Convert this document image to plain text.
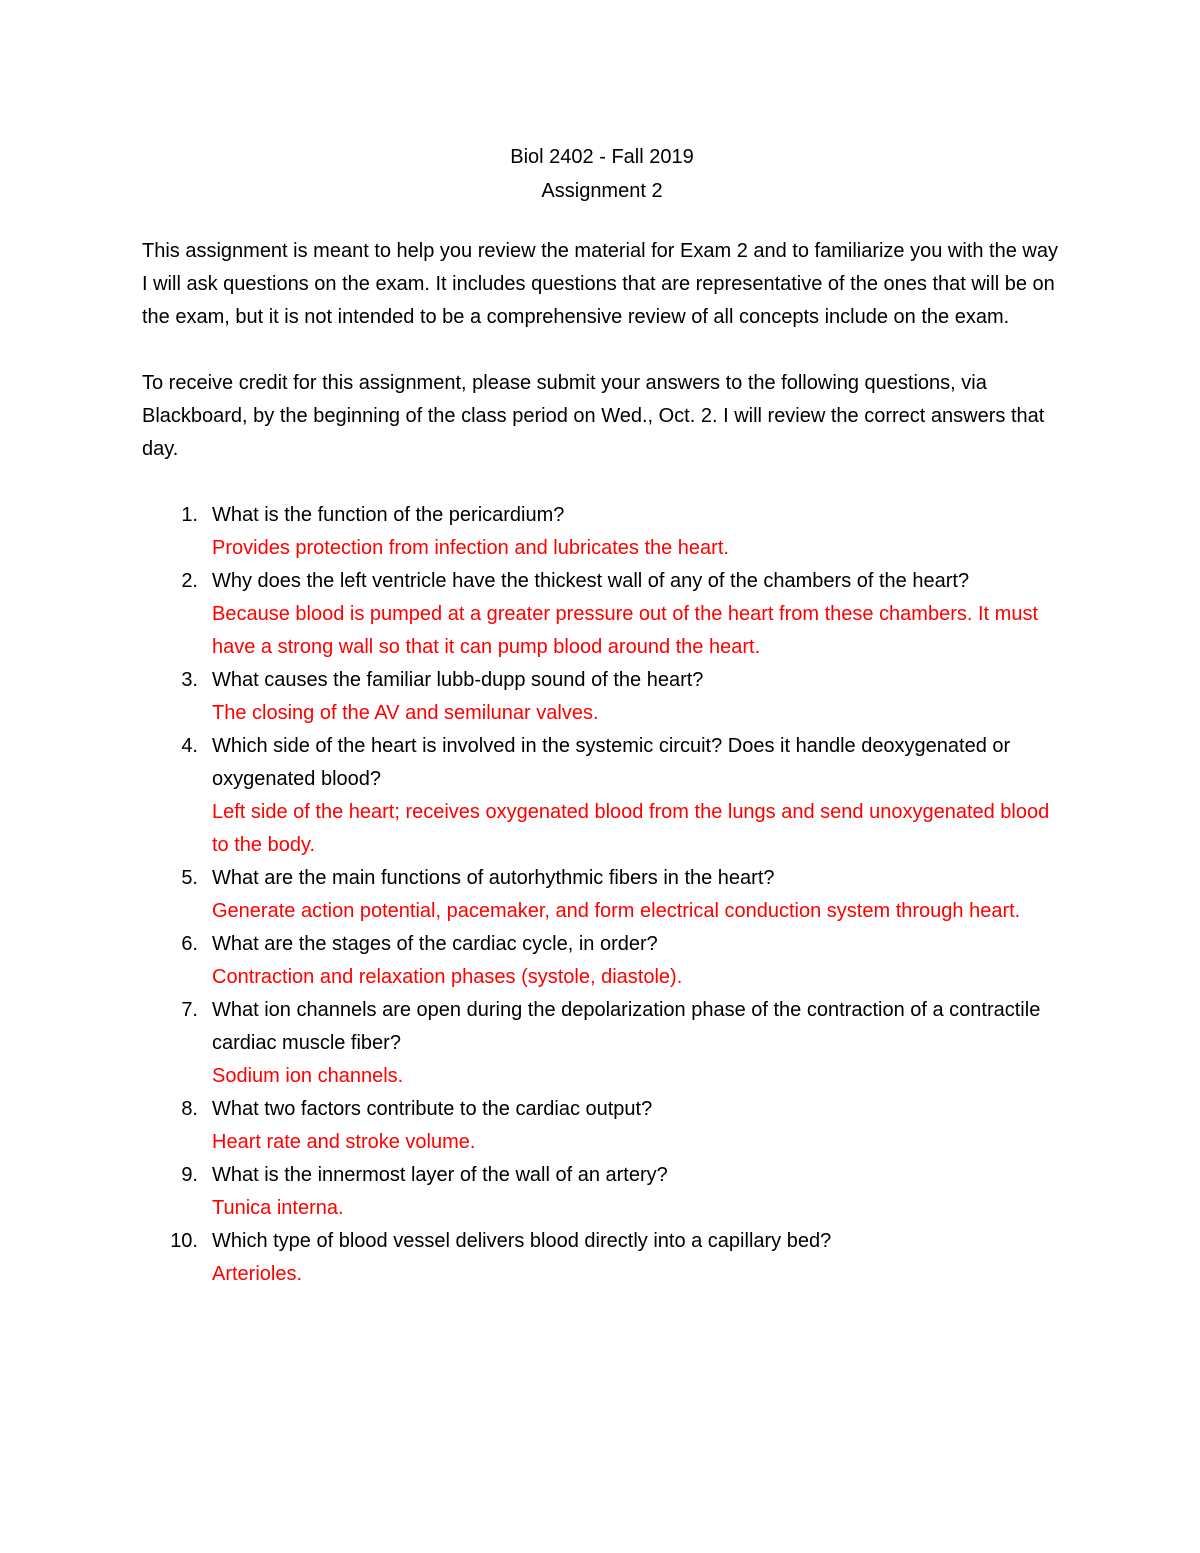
Biol 2402 - Fall 2019
Assignment 2

This assignment is meant to help you review the material for Exam 2 and to familiarize you with the way I will ask questions on the exam. It includes questions that are representative of the ones that will be on the exam, but it is not intended to be a comprehensive review of all concepts include on the exam.

To receive credit for this assignment, please submit your answers to the following questions, via Blackboard, by the beginning of the class period on Wed., Oct. 2. I will review the correct answers that day.

1. What is the function of the pericardium?
Provides protection from infection and lubricates the heart.
2. Why does the left ventricle have the thickest wall of any of the chambers of the heart?
Because blood is pumped at a greater pressure out of the heart from these chambers. It must have a strong wall so that it can pump blood around the heart.
3. What causes the familiar lubb-dupp sound of the heart?
The closing of the AV and semilunar valves.
4. Which side of the heart is involved in the systemic circuit? Does it handle deoxygenated or oxygenated blood?
Left side of the heart; receives oxygenated blood from the lungs and send unoxygenated blood to the body.
5. What are the main functions of autorhythmic fibers in the heart?
Generate action potential, pacemaker, and form electrical conduction system through heart.
6. What are the stages of the cardiac cycle, in order?
Contraction and relaxation phases (systole, diastole).
7. What ion channels are open during the depolarization phase of the contraction of a contractile cardiac muscle fiber?
Sodium ion channels.
8. What two factors contribute to the cardiac output?
Heart rate and stroke volume.
9. What is the innermost layer of the wall of an artery?
Tunica interna.
10. Which type of blood vessel delivers blood directly into a capillary bed?
Arterioles.
